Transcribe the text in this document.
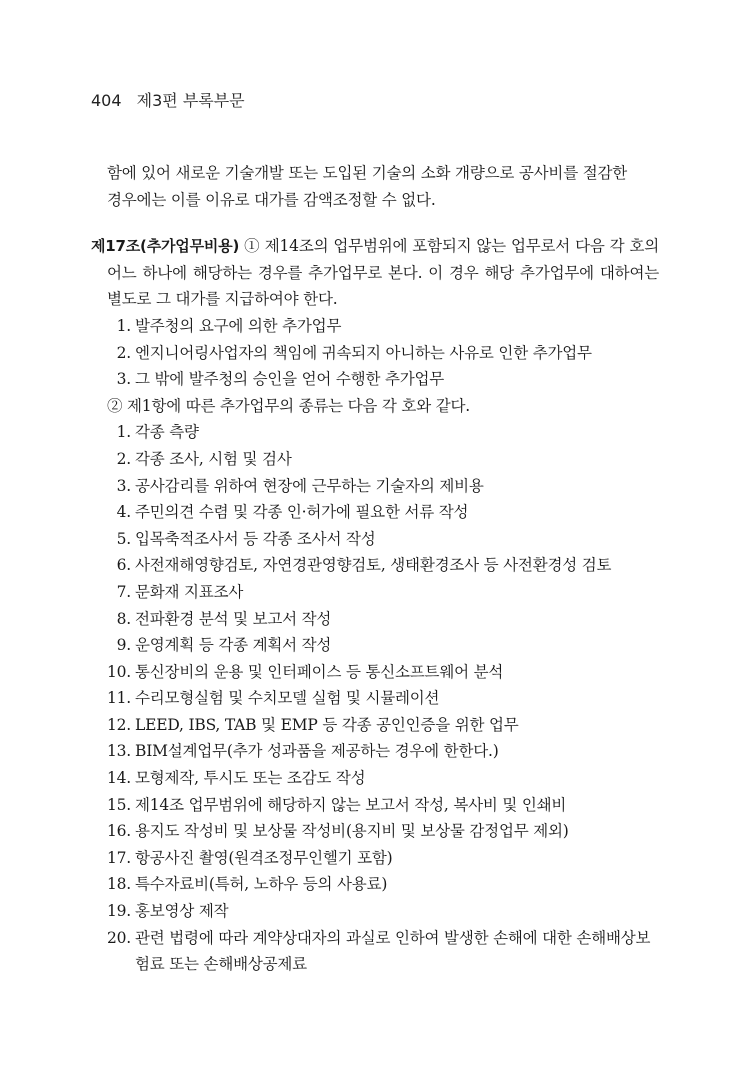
404 제3편 부록부문
함에 있어 새로운 기술개발 또는 도입된 기술의 소화 개량으로 공사비를 절감한
경우에는 이를 이유로 대가를 감액조정할 수 없다.
제17조(추가업무비용) ① 제14조의 업무범위에 포함되지 않는 업무로서 다음 각 호의 어느 하나에 해당하는 경우를 추가업무로 본다. 이 경우 해당 추가업무에 대하여는 별도로 그 대가를 지급하여야 한다.
1. 발주청의 요구에 의한 추가업무
2. 엔지니어링사업자의 책임에 귀속되지 아니하는 사유로 인한 추가업무
3. 그 밖에 발주청의 승인을 얻어 수행한 추가업무
② 제1항에 따른 추가업무의 종류는 다음 각 호와 같다.
1. 각종 측량
2. 각종 조사, 시험 및 검사
3. 공사감리를 위하여 현장에 근무하는 기술자의 제비용
4. 주민의견 수렴 및 각종 인·허가에 필요한 서류 작성
5. 입목축적조사서 등 각종 조사서 작성
6. 사전재해영향검토, 자연경관영향검토, 생태환경조사 등 사전환경성 검토
7. 문화재 지표조사
8. 전파환경 분석 및 보고서 작성
9. 운영계획 등 각종 계획서 작성
10. 통신장비의 운용 및 인터페이스 등 통신소프트웨어 분석
11. 수리모형실험 및 수치모델 실험 및 시뮬레이션
12. LEED, IBS, TAB 및 EMP 등 각종 공인인증을 위한 업무
13. BIM설계업무(추가 성과품을 제공하는 경우에 한한다.)
14. 모형제작, 투시도 또는 조감도 작성
15. 제14조 업무범위에 해당하지 않는 보고서 작성, 복사비 및 인쇄비
16. 용지도 작성비 및 보상물 작성비(용지비 및 보상물 감정업무 제외)
17. 항공사진 촬영(원격조정무인헬기 포함)
18. 특수자료비(특허, 노하우 등의 사용료)
19. 홍보영상 제작
20. 관련 법령에 따라 계약상대자의 과실로 인하여 발생한 손해에 대한 손해배상보험료 또는 손해배상공제료
